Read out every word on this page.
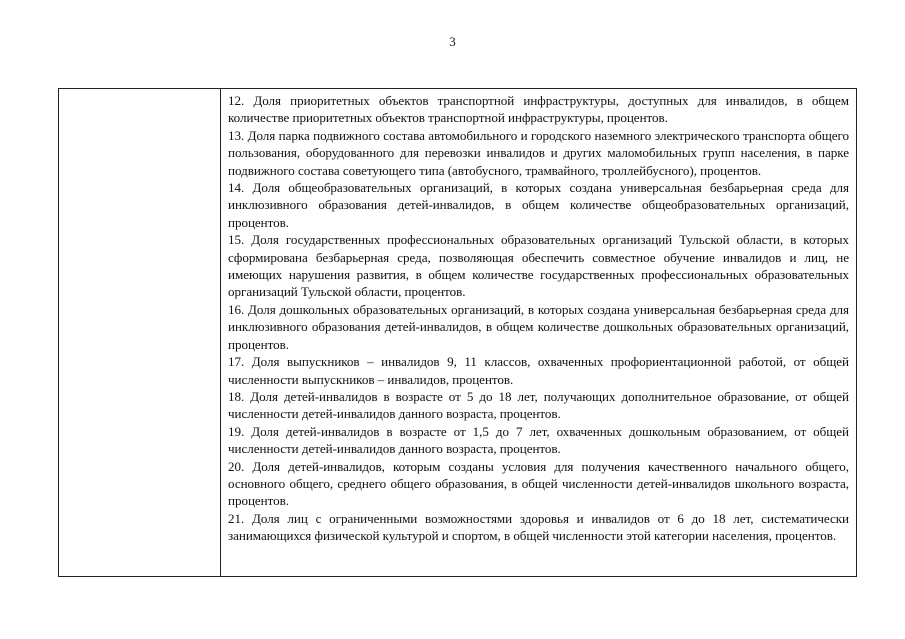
3

12. Доля приоритетных объектов транспортной инфраструктуры, доступных для инвалидов, в общем количестве приоритетных объектов транспортной инфраструктуры, процентов.

13. Доля парка подвижного состава автомобильного и городского наземного электрического транспорта общего пользования, оборудованного для перевозки инвалидов и других маломобильных групп населения, в парке подвижного состава советующего типа (автобусного, трамвайного, троллейбусного), процентов.

14. Доля общеобразовательных организаций, в которых создана универсальная безбарьерная среда для инклюзивного образования детей-инвалидов, в общем количестве общеобразовательных организаций, процентов.

15. Доля государственных профессиональных образовательных организаций Тульской области, в которых сформирована безбарьерная среда, позволяющая обеспечить совместное обучение инвалидов и лиц, не имеющих нарушения развития, в общем количестве государственных профессиональных образовательных организаций Тульской области, процентов.

16. Доля дошкольных образовательных организаций, в которых создана универсальная безбарьерная среда для инклюзивного образования детей-инвалидов, в общем количестве дошкольных образовательных организаций, процентов.

17. Доля выпускников – инвалидов 9, 11 классов, охваченных профориентационной работой, от общей численности выпускников – инвалидов, процентов.

18. Доля детей-инвалидов в возрасте от 5 до 18 лет, получающих дополнительное образование, от общей численности детей-инвалидов данного возраста, процентов.

19. Доля детей-инвалидов в возрасте от 1,5 до 7 лет, охваченных дошкольным образованием, от общей численности детей-инвалидов данного возраста, процентов.

20. Доля детей-инвалидов, которым созданы условия для получения качественного начального общего, основного общего, среднего общего образования, в общей численности детей-инвалидов школьного возраста, процентов.

21. Доля лиц с ограниченными возможностями здоровья и инвалидов от 6 до 18 лет, систематически занимающихся физической культурой и спортом, в общей численности этой категории населения, процентов.
